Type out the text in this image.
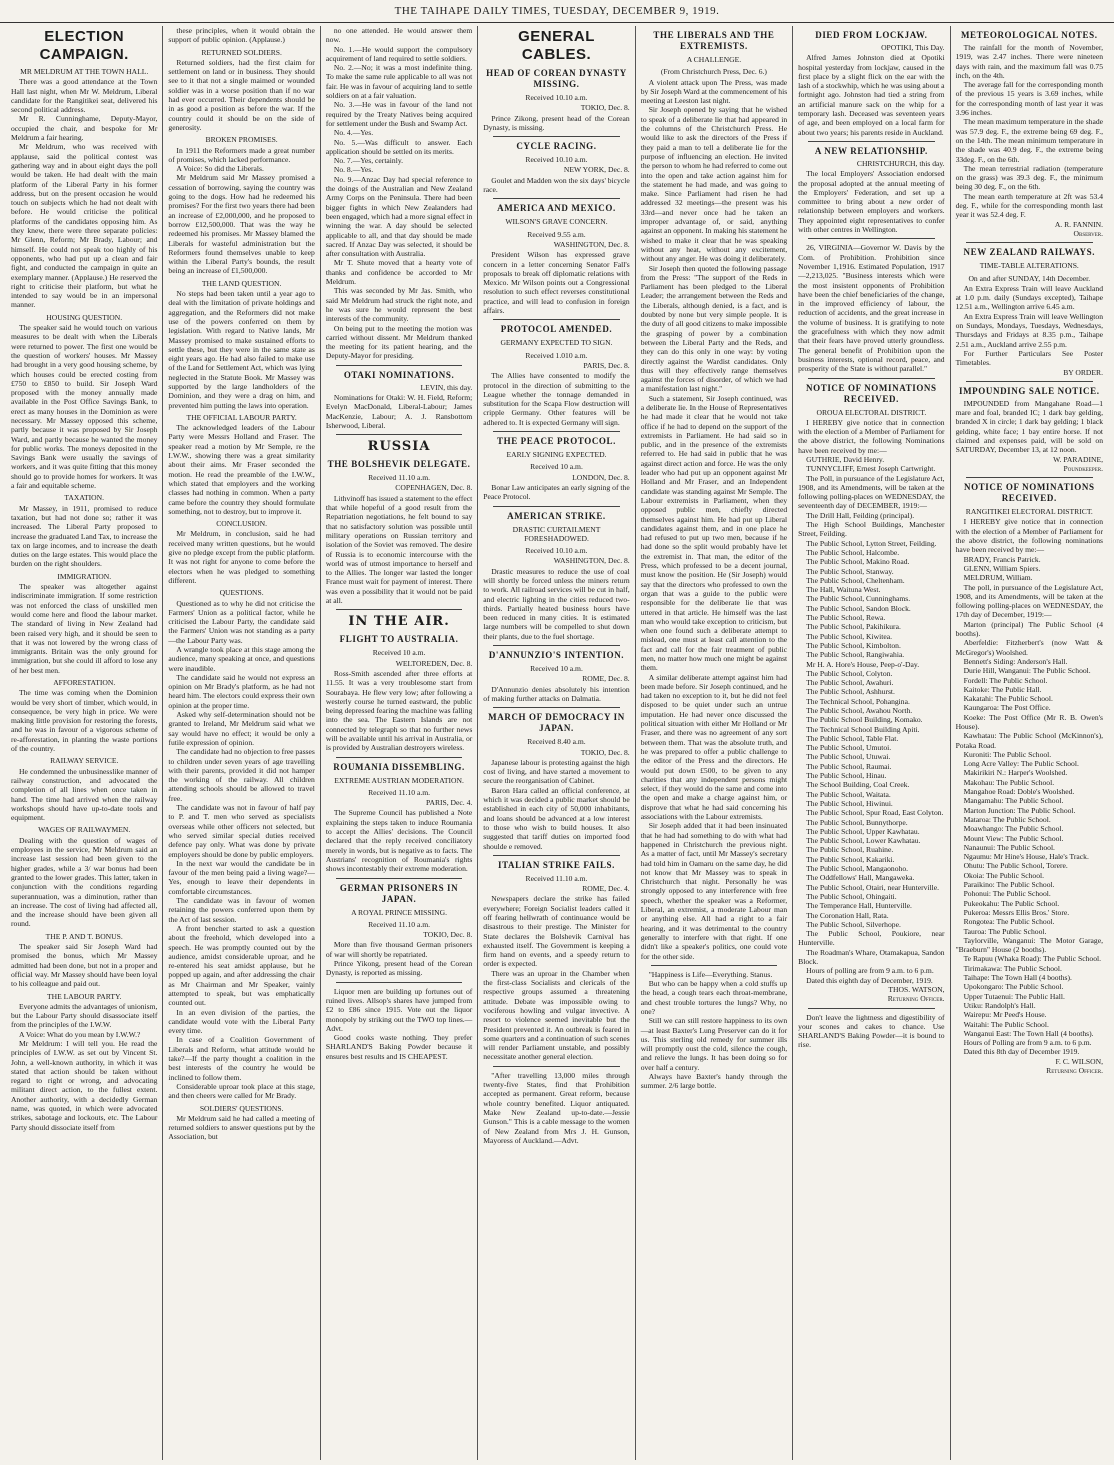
THE TAIHAPE DAILY TIMES, TUESDAY, DECEMBER 9, 1919.
ELECTION CAMPAIGN.
MR MELDRUM AT THE TOWN HALL.

There was a good attendance at the Town Hall last night, when Mr W. Meldrum, Liberal candidate for the Rangitikei seat, delivered his second political address.

Mr R. Cunninghame, Deputy-Mayor, occupied the chair, and bespoke for Mr Meldrum a fair hearing.

Mr Meldrum, who was received with applause, said the political contest was gathering way and in about eight days the poll would be taken. He had dealt with the main platform of the Liberal Party in his former address, but on the present occasion he would touch on subjects which he had not dealt with before. He would criticise the political platforms of the candidates opposing him. As they knew, there were three separate policies: Mr Glenn, Reform; Mr Brady, Labour; and himself. He could not speak too highly of his opponents, who had put up a clean and fair fight, and conducted the campaign in quite an exemplary manner. (Applause.) He reserved the right to criticise their platform, but what he intended to say would be in an impersonal manner.

HOUSING QUESTION.

The speaker said he would touch on various measures to be dealt with when the Liberals were returned to power. The first one would be the question of workers' houses. Mr Massey had brought in a very good housing scheme, by which houses could be erected costing from £750 to £850 to build. Sir Joseph Ward proposed with the money annually made available in the Post Office Savings Bank, to erect as many houses in the Dominion as were necessary. Mr Massey opposed this scheme, partly because it was proposed by Sir Joseph Ward, and partly because he wanted the money for public works. The moneys deposited in the Savings Bank were usually the savings of workers, and it was quite fitting that this money should go to provide homes for workers. It was a fair and equitable scheme.

TAXATION.

Mr Massey, in 1911, promised to reduce taxation, but had not done so; rather it was increased. The Liberal Party proposed to increase the graduated Land Tax, to increase the tax on large incomes, and to increase the death duties on the large estates. This would place the burden on the right shoulders.

IMMIGRATION.

The speaker was altogether against indiscriminate immigration. If some restriction was not enforced the class of unskilled men would come here and flood the labour market. The standard of living in New Zealand had been raised very high, and it should be seen to that it was not lowered by the wrong class of immigrants. Britain was the only ground for immigration, but she could ill afford to lose any of her best men.

AFFORESTATION.

The time was coming when the Dominion would be very short of timber, which would, in consequence, be very high in price. We were making little provision for restoring the forests, and he was in favour of a vigorous scheme of re-afforestation, in planting the waste portions of the country.

RAILWAY SERVICE.

He condemned the unbusinesslike manner of railway construction, and advocated the completion of all lines when once taken in hand. The time had arrived when the railway workshops should have up-to-date tools and equipment.

WAGES OF RAILWAYMEN.

Dealing with the question of wages of employees in the service, Mr Meldrum said an increase last session had been given to the higher grades, while a 3/ war bonus had been granted to the lower grades. This latter, taken in conjunction with the conditions regarding superannuation, was a diminution, rather than an increase. The cost of living had affected all, and the increase should have been given all round.

THE P. AND T. BONUS.

The speaker said Sir Joseph Ward had promised the bonus, which Mr Massey admitted had been done, but not in a proper and official way. Mr Massey should have been loyal to his colleague and paid out.

THE LABOUR PARTY.

Everyone admits the advantages of unionism, but the Labour Party should disassociate itself from the principles of the I.W.W.

A Voice: What do you mean by I.W.W.?

Mr Meldrum: I will tell you. He read the principles of I.W.W. as set out by Vincent St. John, a well-known authority, in which it was stated that action should be taken without regard to right or wrong, and advocating militant direct action, to the fullest extent. Another authority, with a decidedly German name, was quoted, in which were advocated strikes, sabotage and lockouts, etc. The Labour Party should dissociate itself from

these principles, when it would obtain the support of public opinion. (Applause.)

RETURNED SOLDIERS.

Returned soldiers, had the first claim for settlement on land or in business. They should see to it that not a single maimed or wounded soldier was in a worse position than if no war had ever occurred. Their dependents should be in as good a position as before the war. If the country could it should be on the side of generosity.

BROKEN PROMISES.

In 1911 the Reformers made a great number of promises, which lacked performance.

A Voice: So did the Liberals.

Mr Meldrum said Mr Massey promised a cessation of borrowing, saying the country was going to the dogs. How had he redeemed his promises? For the first two years there had been an increase of £2,000,000, and he proposed to borrow £12,500,000. That was the way he redeemed his promises. Mr Massey blamed the Liberals for wasteful administration but the Reformers found themselves unable to keep within the Liberal Party's bounds, the result being an increase of £1,500,000.

THE LAND QUESTION.

No steps had been taken until a year ago to deal with the limitation of private holdings and aggregation, and the Reformers did not make use of the powers conferred on them by legislation. With regard to Native lands, Mr Massey promised to make sustained efforts to settle these, but they were in the same state as eight years ago. He had also failed to make use of the Land for Settlement Act, which was lying neglected in the Statute Book. Mr Massey was supported by the large landholders of the Dominion, and they were a drag on him, and prevented him putting the laws into operation.

THE OFFICIAL LABOUR PARTY.

The acknowledged leaders of the Labour Party were Messrs Holland and Fraser. The speaker read a motion by Mr Semple, re the I.W.W., showing there was a great similarity about their aims. Mr Fraser seconded the motion. He read the preamble of the I.W.W., which stated that employers and the working classes had nothing in common. When a party came before the country they should formulate something, not to destroy, but to improve it.

CONCLUSION.

Mr Meldrum, in conclusion, said he had received many written questions, but he would give no pledge except from the public platform. It was not right for anyone to come before the electors when he was pledged to something different.

QUESTIONS.

Questioned as to why he did not criticise the Farmers' Union as a political factor, while he criticised the Labour Party, the candidate said the Farmers' Union was not standing as a party—the Labour Party was.

A wrangle took place at this stage among the audience, many speaking at once, and questions were inaudible.

The candidate said he would not express an opinion on Mr Brady's platform, as he had not heard him. The electors could express their own opinion at the proper time.

Asked why self-determination should not be granted to Ireland, Mr Meldrum said what we say would have no effect; it would be only a futile expression of opinion.

The candidate had no objection to free passes to children under seven years of age travelling with their parents, provided it did not hamper the working of the railway. All children attending schools should be allowed to travel free.

The candidate was not in favour of half pay to P. and T. men who served as specialists overseas while other officers not selected, but who served similar special duties received defence pay only. What was done by private employers should be done by public employers.

In the next war would the candidate be in favour of the men being paid a living wage?—Yes, enough to leave their dependents in comfortable circumstances.

The candidate was in favour of women retaining the powers conferred upon them by the Act of last session.

A front bencher started to ask a question about the freehold, which developed into a speech. He was promptly counted out by the audience, amidst considerable uproar, and he re-entered his seat amidst applause, but he popped up again, and after addressing the chair as Mr Chairman and Mr Speaker, vainly attempted to speak, but was emphatically counted out.

In an even division of the parties, the candidate would vote with the Liberal Party every time.

In case of a Coalition Government of Liberals and Reform, what attitude would he take?—If the party thought a coalition in the best interests of the country he would be inclined to follow them.

Considerable uproar took place at this stage, and then cheers were called for Mr Brady.

SOLDIERS' QUESTIONS.

Mr Meldrum said he had called a meeting of returned soldiers to answer questions put by the Association, but

no one attended. He would answer them now.

No. 1.—He would support the compulsory acquirement of land required to settle soldiers.

No. 2.—No; it was a most indefinite thing. To make the same rule applicable to all was not fair. He was in favour of acquiring land to settle soldiers on at a fair valuation.

No. 3.—He was in favour of the land not required by the Treaty Natives being acquired for settlement under the Bush and Swamp Act.

No. 4.—Yes.

No. 5.—Was difficult to answer. Each application should be settled on its merits.

No. 7.—Yes, certainly.

No. 8.—Yes.

No. 9.—Anzac Day had special reference to the doings of the Australian and New Zealand Army Corps on the Peninsula. There had been bigger fights in which New Zealanders had been engaged, which had a more signal effect in winning the war. A day should be selected applicable to all, and that day should be made sacred. If Anzac Day was selected, it should be after consultation with Australia.

Mr T. Shute moved that a hearty vote of thanks and confidence be accorded to Mr Meldrum.

This was seconded by Mr Jas. Smith, who said Mr Meldrum had struck the right note, and he was sure he would represent the best interests of the community.

On being put to the meeting the motion was carried without dissent. Mr Meldrum thanked the meeting for its patient hearing, and the Deputy-Mayor for presiding.

OTAKI NOMINATIONS.
LEVIN, this day.

Nominations for Otaki: W. H. Field, Reform; Evelyn MacDonald, Liberal-Labour; James MacKenzie, Labour; A. J. Ransbottom Isherwood, Liberal.

RUSSIA
THE BOLSHEVIK DELEGATE.
Received 11.10 a.m.
COPENHAGEN, Dec. 8.

Lithvinoff has issued a statement to the effect that while hopeful of a good result from the Repatriation negotiations, he felt bound to say that no satisfactory solution was possible until military operations on Russian territory and isolation of the Soviet was removed. The desire of Russia is to economic intercourse with the world was of utmost importance to herself and to the Allies. The longer war lasted the longer France must wait for payment of interest. There was even a possibility that it would not be paid at all.

IN THE AIR.
FLIGHT TO AUSTRALIA.
Received 10 a.m.
WELTOREDEN, Dec. 8.

Ross-Smith ascended after three efforts at 11.55. It was a very troublesome start from Sourabaya. He flew very low; after following a westerly course he turned eastward, the public being depressed fearing the machine was falling into the sea. The Eastern Islands are not connected by telegraph so that no further news will be available until his arrival in Australia, or is provided by Australian destroyers wireless.

ROUMANIA DISSEMBLING.
EXTREME AUSTRIAN MODERATION.
Received 11.10 a.m.
PARIS, Dec. 4.

The Supreme Council has published a Note explaining the steps taken to induce Roumania to accept the Allies' decisions. The Council declared that the reply received conciliatory merely in words, but is negative as to facts. The Austrians' recognition of Roumania's rights shows incontestably their extreme moderation.

GERMAN PRISONERS IN JAPAN.
A ROYAL PRINCE MISSING.
Received 11.10 a.m.
TOKIO, Dec. 8.

More than five thousand German prisoners of war will shortly be repatriated.

Prince Yikong, present head of the Corean Dynasty, is reported as missing.

Liquor men are building up fortunes out of ruined lives. Allsop's shares have jumped from £2 to £86 since 1915. Vote out the liquor monopoly by striking out the TWO top lines.—Advt.

Good cooks waste nothing. They prefer SHARLAND'S Baking Powder because it ensures best results and IS CHEAPEST.

GENERAL CABLES.
HEAD OF COREAN DYNASTY MISSING.
Received 10.10 a.m.
TOKIO, Dec. 8.

Prince Zikong, present head of the Corean Dynasty, is missing.

CYCLE RACING.
Received 10.10 a.m.
NEW YORK, Dec. 8.

Goulet and Madden won the six days' bicycle race.

AMERICA AND MEXICO.
WILSON'S GRAVE CONCERN.
Received 9.55 a.m.
WASHINGTON, Dec. 8.

President Wilson has expressed grave concern in a letter concerning Senator Fall's proposals to break off diplomatic relations with Mexico. Mr Wilson points out a Congressional resolution to such effect reverses constitutional practice, and will lead to confusion in foreign affairs.

PROTOCOL AMENDED.
GERMANY EXPECTED TO SIGN.
Received 1.010 a.m.
PARIS, Dec. 8.

The Allies have consented to modify the protocol in the direction of submitting to the League whether the tonnage demanded in substitution for the Scapa Flow destruction will cripple Germany. Other features will be adhered to. It is expected Germany will sign.

THE PEACE PROTOCOL.
EARLY SIGNING EXPECTED.
Received 10 a.m.
LONDON, Dec. 8.

Bonar Law anticipates an early signing of the Peace Protocol.

AMERICAN STRIKE.
DRASTIC CURTAILMENT FORESHADOWED.
Received 10.10 a.m.
WASHINGTON, Dec. 8.

Drastic measures to reduce the use of coal will shortly be forced unless the miners return to work. All railroad services will be cut in half, and electric lighting in the cities reduced two-thirds. Partially heated business hours have been reduced in many cities. It is estimated large numbers will be compelled to shut down their plants, due to the fuel shortage.

D'ANNUNZIO'S INTENTION.
Received 10 a.m.
ROME, Dec. 8.

D'Annunzio denies absolutely his intention of making further attacks on Dalmatia.

MARCH OF DEMOCRACY IN JAPAN.
Received 8.40 a.m.
TOKIO, Dec. 8.

Japanese labour is protesting against the high cost of living, and have started a movement to secure the reorganisation of Cabinet.

Baron Hara called an official conference, at which it was decided a public market should be established in each city of 50,000 inhabitants, and loans should be advanced at a low interest to those who wish to build houses. It also suggested that tariff duties on imported food shoulde e removed.

ITALIAN STRIKE FAILS.
Received 11.10 a.m.
ROME, Dec. 4.

Newspapers declare the strike has failed everywhere; Foreign Socialist leaders called it off fearing hellwrath of continuance would be disastrous to their prestige. The Minister for State declares the Bolshevik Carnival has exhausted itself. The Government is keeping a firm hand on events, and a speedy return to order is expected.

There was an uproar in the Chamber when the first-class Socialists and clericals of the respective groups assumed a threatening attitude. Debate was impossible owing to vociferous howling and vulgar invective. A resort to violence seemed inevitable but the President prevented it. An outbreak is feared in some quarters and a continuation of such scenes will render Parliament unstable, and possibly necessitate another general election.

"After travelling 13,000 miles through twenty-five States, find that Prohibition accepted as permanent. Great reform, because whole country benefited. Liquor antiquated. Make New Zealand up-to-date.—Jessie Gunson." This is a cable message to the women of New Zealand from Mrs J. H. Gunson, Mayoress of Auckland.—Advt.

THE LIBERALS AND THE EXTREMISTS.
A CHALLENGE.
(From Christchurch Press, Dec. 6.)

A violent attack upon The Press, was made by Sir Joseph Ward at the commencement of his meeting at Leeston last night.

Sir Joseph opened by saying that he wished to speak of a deliberate lie that had appeared in the columns of the Christchurch Press. He would like to ask the directors of the Press if they paid a man to tell a deliberate lie for the purpose of influencing an election. He invited the person to whom he had referred to come out into the open and take action against him for the statement he had made, and was going to make. Since Parliament had risen he had addressed 32 meetings—the present was his 33rd—and never once had he taken an improper advantage of, or said, anything against an opponent. In making his statement he wished to make it clear that he was speaking without any heat, without any excitement, without any anger. He was doing it deliberately.

Sir Joseph then quoted the following passage from the Press: "The support of the Reds in Parliament has been pledged to the Liberal Leader; the arrangement between the Reds and the Liberals, although denied, is a fact, and is doubted by none but very simple people. It is the duty of all good citizens to make impossible the grasping of power by a combination between the Liberal Party and the Reds, and they can do this only in one way: by voting directly against the Wardist candidates. Only thus will they effectively range themselves against the forces of disorder, of which we had a manifestation last night."

Such a statement, Sir Joseph continued, was a deliberate lie. In the House of Representatives he had made it clear that he would not take office if he had to depend on the support of the extremists in Parliament. He had said so in public, and in the presence of the extremists referred to. He had said in public that he was against direct action and force. He was the only leader who had put up an opponent against Mr Holland and Mr Fraser, and an Independent candidate was standing against Mr Semple. The Labour extremists in Parliament, when they opposed public men, chiefly directed themselves against him. He had put up Liberal candidates against them, and in one place he had refused to put up two men, because if he had done so the split would probably have let the extremist in. That man, the editor of the Press, which professed to be a decent journal, must know the position. He (Sir Joseph) would say that the directors who professed to own the organ that was a guide to the public were responsible for the deliberate lie that was uttered in that article. He himself was the last man who would take exception to criticism, but when one found such a deliberate attempt to mislead, one must at least call attention to the fact and call for the fair treatment of public men, no matter how much one might be against them.

A similar deliberate attempt against him had been made before. Sir Joseph continued, and he had taken no exception to it, but he did not feel disposed to be quiet under such an untrue imputation. He had never once discussed the political situation with either Mr Holland or Mr Fraser, and there was no agreement of any sort between them. That was the absolute truth, and he was prepared to offer a public challenge to the editor of the Press and the directors. He would put down £500, to be given to any charities that any independent persons might select, if they would do the same and come into the open and make a charge against him, or disprove that what he had said concerning his associations with the Labour extremists.

Sir Joseph added that it had been insinuated that he had had something to do with what had happened in Christchurch the previous night. As a matter of fact, until Mr Massey's secretary had told him in Oamaru on the same day, he did not know that Mr Massey was to speak in Christchurch that night. Personally he was strongly opposed to any interference with free speech, whether the speaker was a Reformer, Liberal, an extremist, a moderate Labour man or anything else. All had a right to a fair hearing, and it was detrimental to the country generally to interfere with that right. If one didn't like a speaker's politics, one could vote for the other side.

"Happiness is Life—Everything. Stanus.

But who can be happy when a cold stuffs up the head, a cough tears each throat-membrane, and chest trouble tortures the lungs? Why, no one?

Still we can still restore happiness to its own—at least Baxter's Lung Preserver can do it for us. This sterling old remedy for summer ills will promptly oust the cold, silence the cough, and relieve the lungs. It has been doing so for over half a century.

Always have Baxter's handy through the summer. 2/6 large bottle.

DIED FROM LOCKJAW.
OPOTIKI, This Day.

Alfred James Johnston died at Opotiki hospital yesterday from lockjaw, caused in the first place by a slight flick on the ear with the lash of a stockwhip, which he was using about a fortnight ago. Johnston had tied a string from an artificial manure sack on the whip for a temporary lash. Deceased was seventeen years of age, and been employed on a local farm for about two years; his parents reside in Auckland.

A NEW RELATIONSHIP.
CHRISTCHURCH, this day.

The local Employers' Association endorsed the proposal adopted at the annual meeting of the Employers' Federation, and set up a committee to bring about a new order of relationship between employers and workers. They appointed eight representatives to confer with other centres in Wellington.

26, VIRGINIA—Governor W. Davis by the Com. of Prohibition. Prohibition since November 1,1916. Estimated Population, 1917—2,213,025. "Business interests which were the most insistent opponents of Prohibition have been the chief beneficiaries of the change, in the improved efficiency of labour, the reduction of accidents, and the great increase in the volume of business. It is gratifying to note the gracefulness with which they now admit that their fears have proved utterly groundless. The general benefit of Prohibition upon the business interests, optional record, peace, and prosperity of the State is without parallel."

NOTICE OF NOMINATIONS RECEIVED.
OROUA ELECTORAL DISTRICT.

I HEREBY give notice that in connection with the election of a Member of Parliament for the above district, the following Nominations have been received by me:—

GUTHRIE, David Henry.

TUNNYCLIFF, Ernest Joseph Cartwright.

The Poll, in pursuance of the Legislature Act, 1908, and its Amendments, will be taken at the following polling-places on WEDNESDAY, the seventeenth day of DECEMBER, 1919:—

The Drill Hall, Feilding (principal).

The High School Buildings, Manchester Street, Feilding.

The Public School, Lytton Street, Feilding.

The Public School, Halcombe.

The Public School, Makino Road.

The Public School, Stanway.

The Public School, Cheltenham.

The Hall, Waituna West.

The Public School, Cunninghams.

The Public School, Sandon Block.

The Public School, Rewa.

The Public School, Pakihikura.

The Public School, Kiwitea.

The Public School, Kimbolton.

The Public School, Rangiwahia.

Mr H. A. Hore's House, Peep-o'-Day.

The Public School, Colyton.

The Public School, Awahuri.

The Public School, Ashhurst.

The Technical School, Pohangina.

The Public School, Awahou North.

The Public School Building, Komako.

The Technical School Building Apiti.

The Public School, Table Flat.

The Public School, Umutoi.

The Public School, Utuwai.

The Public School, Raumai.

The Public School, Hinau.

The School Building, Coal Creek.

The Public School, Waitata.

The Public School, Hiwinui.

The Public School, Spur Road, East Colyton.

The Public School, Bunnythorpe.

The Public School, Upper Kawhatau.

The Public School, Lower Kawhatau.

The Public School, Ruahine.

The Public School, Kakariki.

The Public School, Mangaonoho.

The Oddfellows' Hall, Mangaweka.

The Public School, Otairi, near Hunterville.

The Public School, Ohingaiti.

The Temperance Hall, Hunterville.

The Coronation Hall, Rata.

The Public School, Silverhope.

The Public School, Poukiore, near Hunterville.

The Roadman's Whare, Otamakapua, Sandon Block.

Hours of polling are from 9 a.m. to 6 p.m.

Dated this eighth day of December, 1919.

THOS. WATSON,
Returning Officer.

Don't leave the lightness and digestibility of your scones and cakes to chance. Use SHARLAND'S Baking Powder—it is bound to rise.

METEOROLOGICAL NOTES.

The rainfall for the month of November, 1919, was 2.47 inches. There were nineteen days with rain, and the maximum fall was 0.75 inch, on the 4th.

The average fall for the corresponding month of the previous 15 years is 3.69 inches, while for the corresponding month of last year it was 3.96 inches.

The mean maximum temperature in the shade was 57.9 deg. F., the extreme being 69 deg. F., on the 14th. The mean minimum temperature in the shade was 40.9 deg. F., the extreme being 33deg. F., on the 6th.

The mean terrestrial radiation (temperature on the grass) was 39.3 deg. F., the minimum being 30 deg. F., on the 6th.

The mean earth temperature at 2ft was 53.4 deg. F., while for the corresponding month last year it was 52.4 deg. F.

A. R. FANNIN.
Observer.
NEW ZEALAND RAILWAYS.
TIME-TABLE ALTERATIONS.
On and after SUNDAY, 14th December.

An Extra Express Train will leave Auckland at 1.0 p.m. daily (Sundays excepted), Taihape 12.51 a.m., Wellington arrive 6.45 a.m.

An Extra Express Train will leave Wellington on Sundays, Mondays, Tuesdays, Wednesdays, Thursdays and Fridays at 8.35 p.m., Taihape 2.51 a.m., Auckland arrive 2.55 p.m.

For Further Particulars See Poster Timetables.

BY ORDER.
IMPOUNDING SALE NOTICE.

IMPOUNDED from Mangahane Road—1 mare and foal, branded IC; 1 dark bay gelding, branded X in circle; 1 dark bay gelding; 1 black gelding, white face; 1 bay entire horse. If not claimed and expenses paid, will be sold on SATURDAY, December 13, at 12 noon.

W. PARADINE,
Poundkeeper.
NOTICE OF NOMINATIONS RECEIVED.
RANGITIKEI ELECTORAL DISTRICT.

I HEREBY give notice that in connection with the election of a Member of Parliament for the above district, the following nominations have been received by me:—

BRADY, Francis Patrick.

GLENN, William Spiers.

MELDRUM, William.

The poll, in pursuance of the Legislature Act, 1908, and its Amendments, will be taken at the following polling-places on WEDNESDAY, the 17th day of December, 1919:—

Marton (principal) The Public School (4 booths).

Aberfeldie: Fitzherbert's (now Watt & McGregor's) Woolshed.

Bennett's Siding: Anderson's Hall.

Durie Hill, Wanganui: The Public School.

Fordell: The Public School.

Kaitoke: The Public Hall.

Kakatahi: The Public School.

Kaungaroa: The Post Office.

Koeke: The Post Office (Mr R. B. Owen's House).

Kawhatau: The Public School (McKinnon's), Potaka Road.

Kuroniti: The Public School.

Long Acre Valley: The Public School.

Makirikiri N.: Harper's Woolshed.

Makohau: The Public School.

Mangahoe Road: Doble's Woolshed.

Mangamahu: The Public School.

Marton Junction: The Public School.

Mataroa: The Public School.

Moawhango: The Public School.

Mount View: The Public School.

Nanaunui: The Public School.

Ngaumu: Mr Hine's House, Hale's Track.

Ohutu: The Public School, Torere.

Okoia: The Public School.

Paraikino: The Public School.

Pohonui: The Public School.

Pukeokahu: The Public School.

Pukeroa: Messrs Ellis Bros.' Store.

Rongotea: The Public School.

Tauroa: The Public School.

Taylorville, Wanganui: The Motor Garage, "Braeburn" House (2 booths).

Te Rapuu (Whaka Road): The Public School.

Tirimakawa: The Public School.

Taihape: The Town Hall (4 booths).

Upokongaro: The Public School.

Upper Tutaenui: The Public Hall.

Utiku: Randolph's Hall.

Wairepu: Mr Peed's House.

Waitahi: The Public School.

Wanganui East: The Town Hall (4 booths).

Hours of Polling are from 9 a.m. to 6 p.m.

Dated this 8th day of December 1919.

F. C. WILSON,
Returning Officer.
